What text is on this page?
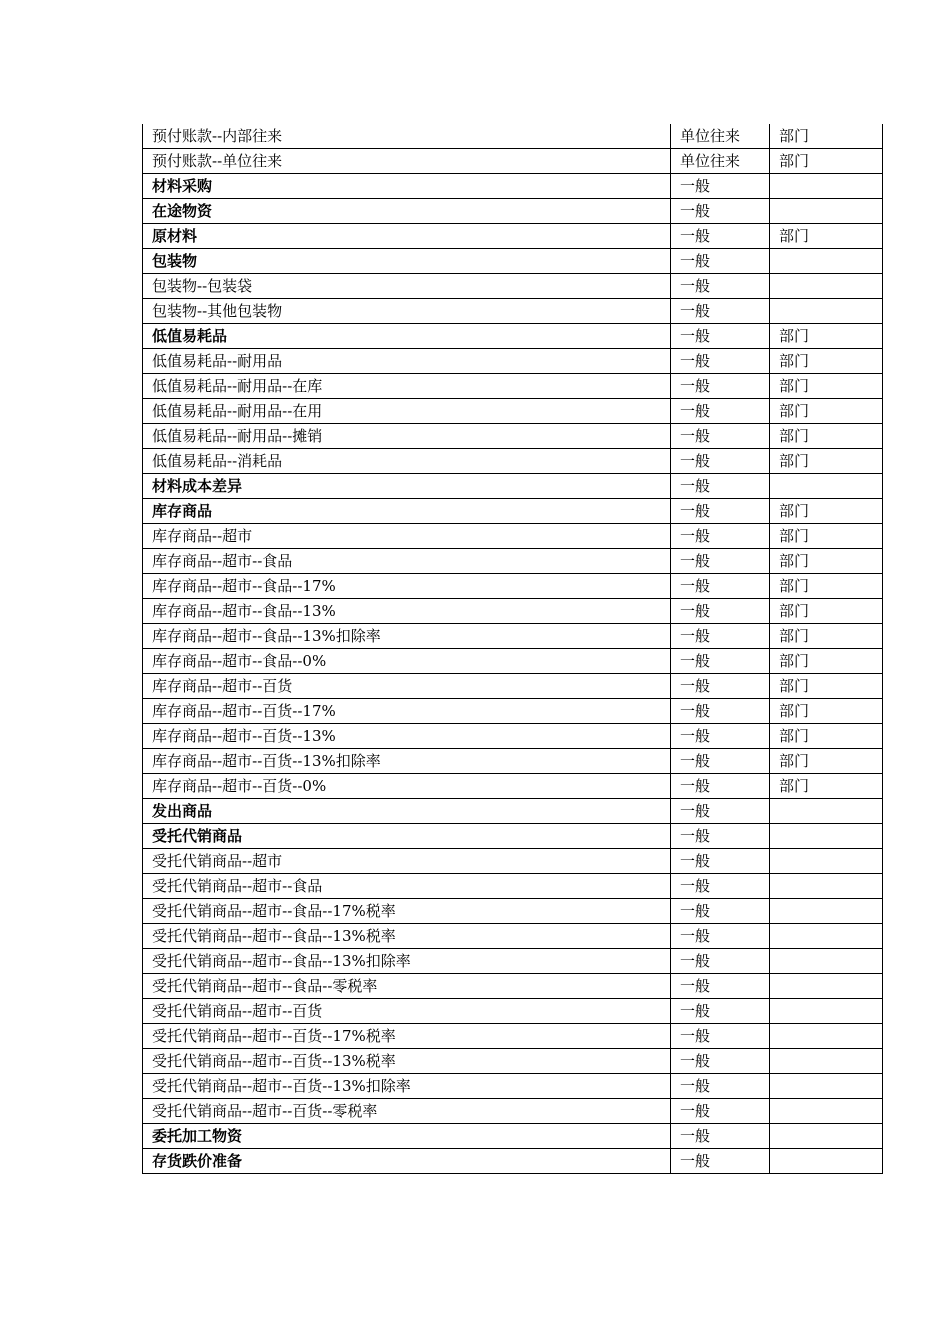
预付账款--内部往来	单位往来	部门
预付账款--单位往来	单位往来	部门
材料采购	一般	
在途物资	一般	
原材料	一般	部门
包装物	一般	
包装物--包装袋	一般	
包装物--其他包装物	一般	
低值易耗品	一般	部门
低值易耗品--耐用品	一般	部门
低值易耗品--耐用品--在库	一般	部门
低值易耗品--耐用品--在用	一般	部门
低值易耗品--耐用品--摊销	一般	部门
低值易耗品--消耗品	一般	部门
材料成本差异	一般	
库存商品	一般	部门
库存商品--超市	一般	部门
库存商品--超市--食品	一般	部门
库存商品--超市--食品--17%	一般	部门
库存商品--超市--食品--13%	一般	部门
库存商品--超市--食品--13%扣除率	一般	部门
库存商品--超市--食品--0%	一般	部门
库存商品--超市--百货	一般	部门
库存商品--超市--百货--17%	一般	部门
库存商品--超市--百货--13%	一般	部门
库存商品--超市--百货--13%扣除率	一般	部门
库存商品--超市--百货--0%	一般	部门
发出商品	一般	
受托代销商品	一般	
受托代销商品--超市	一般	
受托代销商品--超市--食品	一般	
受托代销商品--超市--食品--17%税率	一般	
受托代销商品--超市--食品--13%税率	一般	
受托代销商品--超市--食品--13%扣除率	一般	
受托代销商品--超市--食品--零税率	一般	
受托代销商品--超市--百货	一般	
受托代销商品--超市--百货--17%税率	一般	
受托代销商品--超市--百货--13%税率	一般	
受托代销商品--超市--百货--13%扣除率	一般	
受托代销商品--超市--百货--零税率	一般	
委托加工物资	一般	
存货跌价准备	一般	
